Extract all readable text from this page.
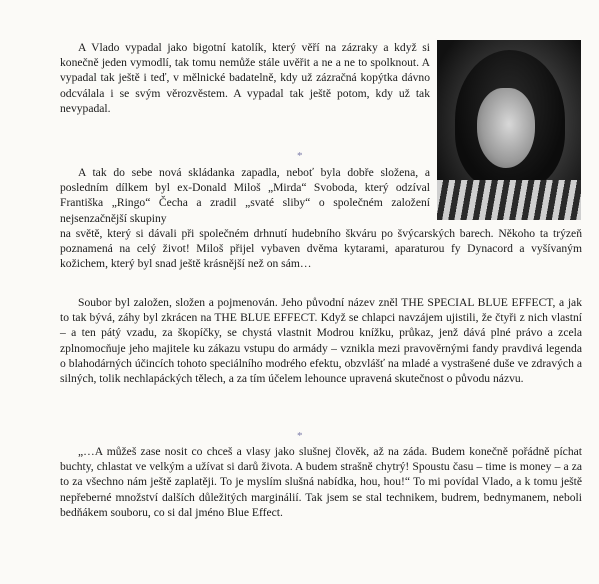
A Vlado vypadal jako bigotní katolík, který věří na zázraky a když si konečně jeden vymodlí, tak tomu nemůže stále uvěřit a ne a ne to spolknout. A vypadal tak ještě i teď, v mělnické badatelně, kdy už zázračná kopýtka dávno odcválala i se svým věrozvěstem. A vypadal tak ještě potom, kdy už tak nevypadal.

*

A tak do sebe nová skládanka zapadla, neboť byla dobře složena, a posledním dílkem byl ex-Donald Miloš „Mirda“ Svoboda, který odzíval Františka „Ringo“ Čecha a zradil „svaté sliby“ o společném založení nejsenzačnější skupiny

na světě, který si dávali při společném drhnutí hudebního škváru po švýcarských barech. Někoho ta trýzeň poznamená na celý život! Miloš přijel vybaven dvěma kytarami, aparaturou fy Dynacord a vyšívaným kožichem, který byl snad ještě krásnější než on sám…

Soubor byl založen, složen a pojmenován. Jeho původní název zněl THE SPECIAL BLUE EFFECT, a jak to tak bývá, záhy byl zkrácen na THE BLUE EFFECT. Když se chlapci navzájem ujistili, že čtyři z nich vlastní – a ten pátý vzadu, za škopíčky, se chystá vlastnit Modrou knížku, průkaz, jenž dává plné právo a zcela zplnomocňuje jeho majitele ku zákazu vstupu do armády – vznikla mezi pravověrnými fandy pravdivá legenda o blahodárných účincích tohoto speciálního modrého efektu, obzvlášť na mladé a vystrašené duše ve zdravých a silných, tolik nechlapáckých tělech, a za tím účelem lehounce upravená skutečnost o původu názvu.

*

„…A můžeš zase nosit co chceš a vlasy jako slušnej člověk, až na záda. Budem konečně pořádně píchat buchty, chlastat ve velkým a užívat si darů života. A budem strašně chytrý! Spoustu času – time is money – a za to za všechno nám ještě zaplatěji. To je myslím slušná nabídka, hou, hou!“ To mi povídal Vlado, a k tomu ještě nepřeberné množství dalších důležitých marginálií. Tak jsem se stal technikem, budrem, bednymanem, neboli bedňákem souboru, co si dal jméno Blue Effect.
